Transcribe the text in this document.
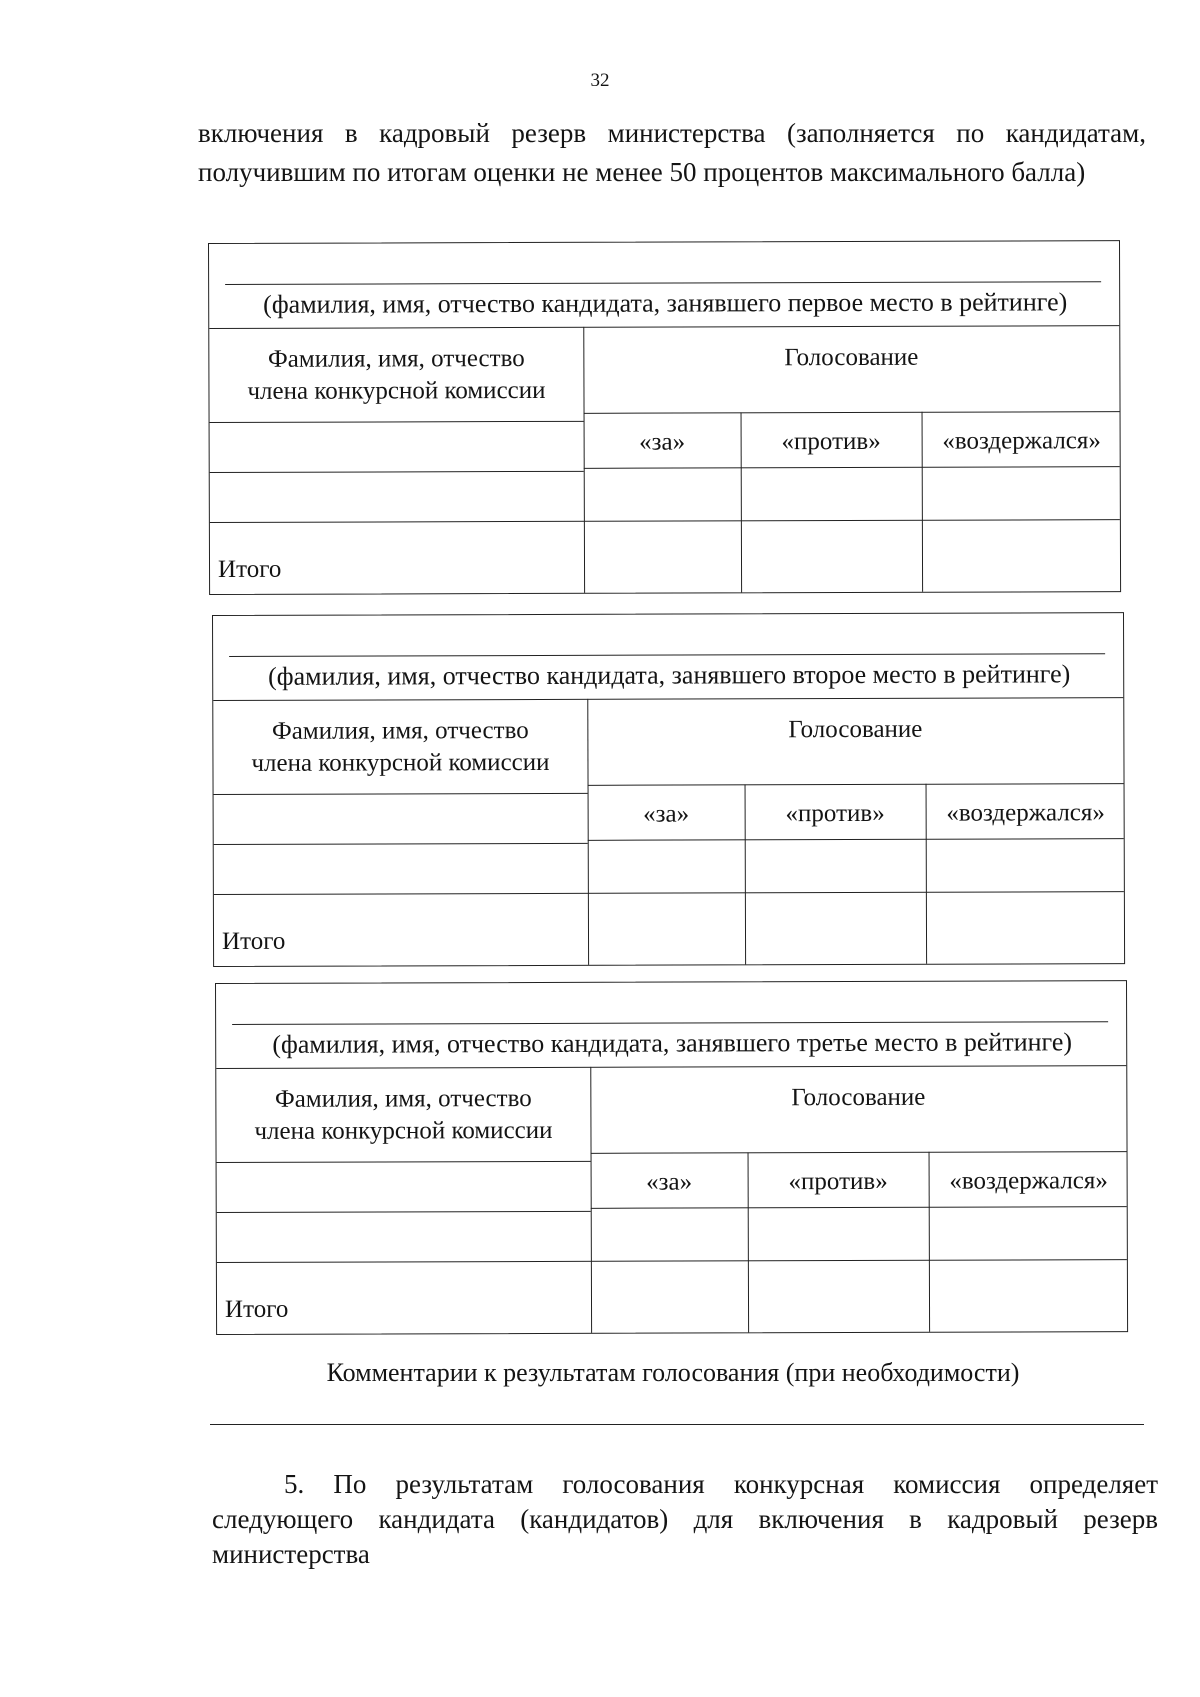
32
включения в кадровый резерв министерства (заполняется по кандидатам, получившим по итогам оценки не менее 50 процентов максимального балла)
(фамилия, имя, отчество кандидата, занявшего первое место в рейтинге)
Фамилия, имя, отчество
члена конкурсной комиссии
Голосование
«за»	«против»	«воздержался»
Итого
(фамилия, имя, отчество кандидата, занявшего второе место в рейтинге)
Фамилия, имя, отчество
члена конкурсной комиссии
Голосование
«за»	«против»	«воздержался»
Итого
(фамилия, имя, отчество кандидата, занявшего третье место в рейтинге)
Фамилия, имя, отчество
члена конкурсной комиссии
Голосование
«за»	«против»	«воздержался»
Итого
Комментарии к результатам голосования (при необходимости)
5. По результатам голосования конкурсная комиссия определяет следующего кандидата (кандидатов) для включения в кадровый резерв министерства
